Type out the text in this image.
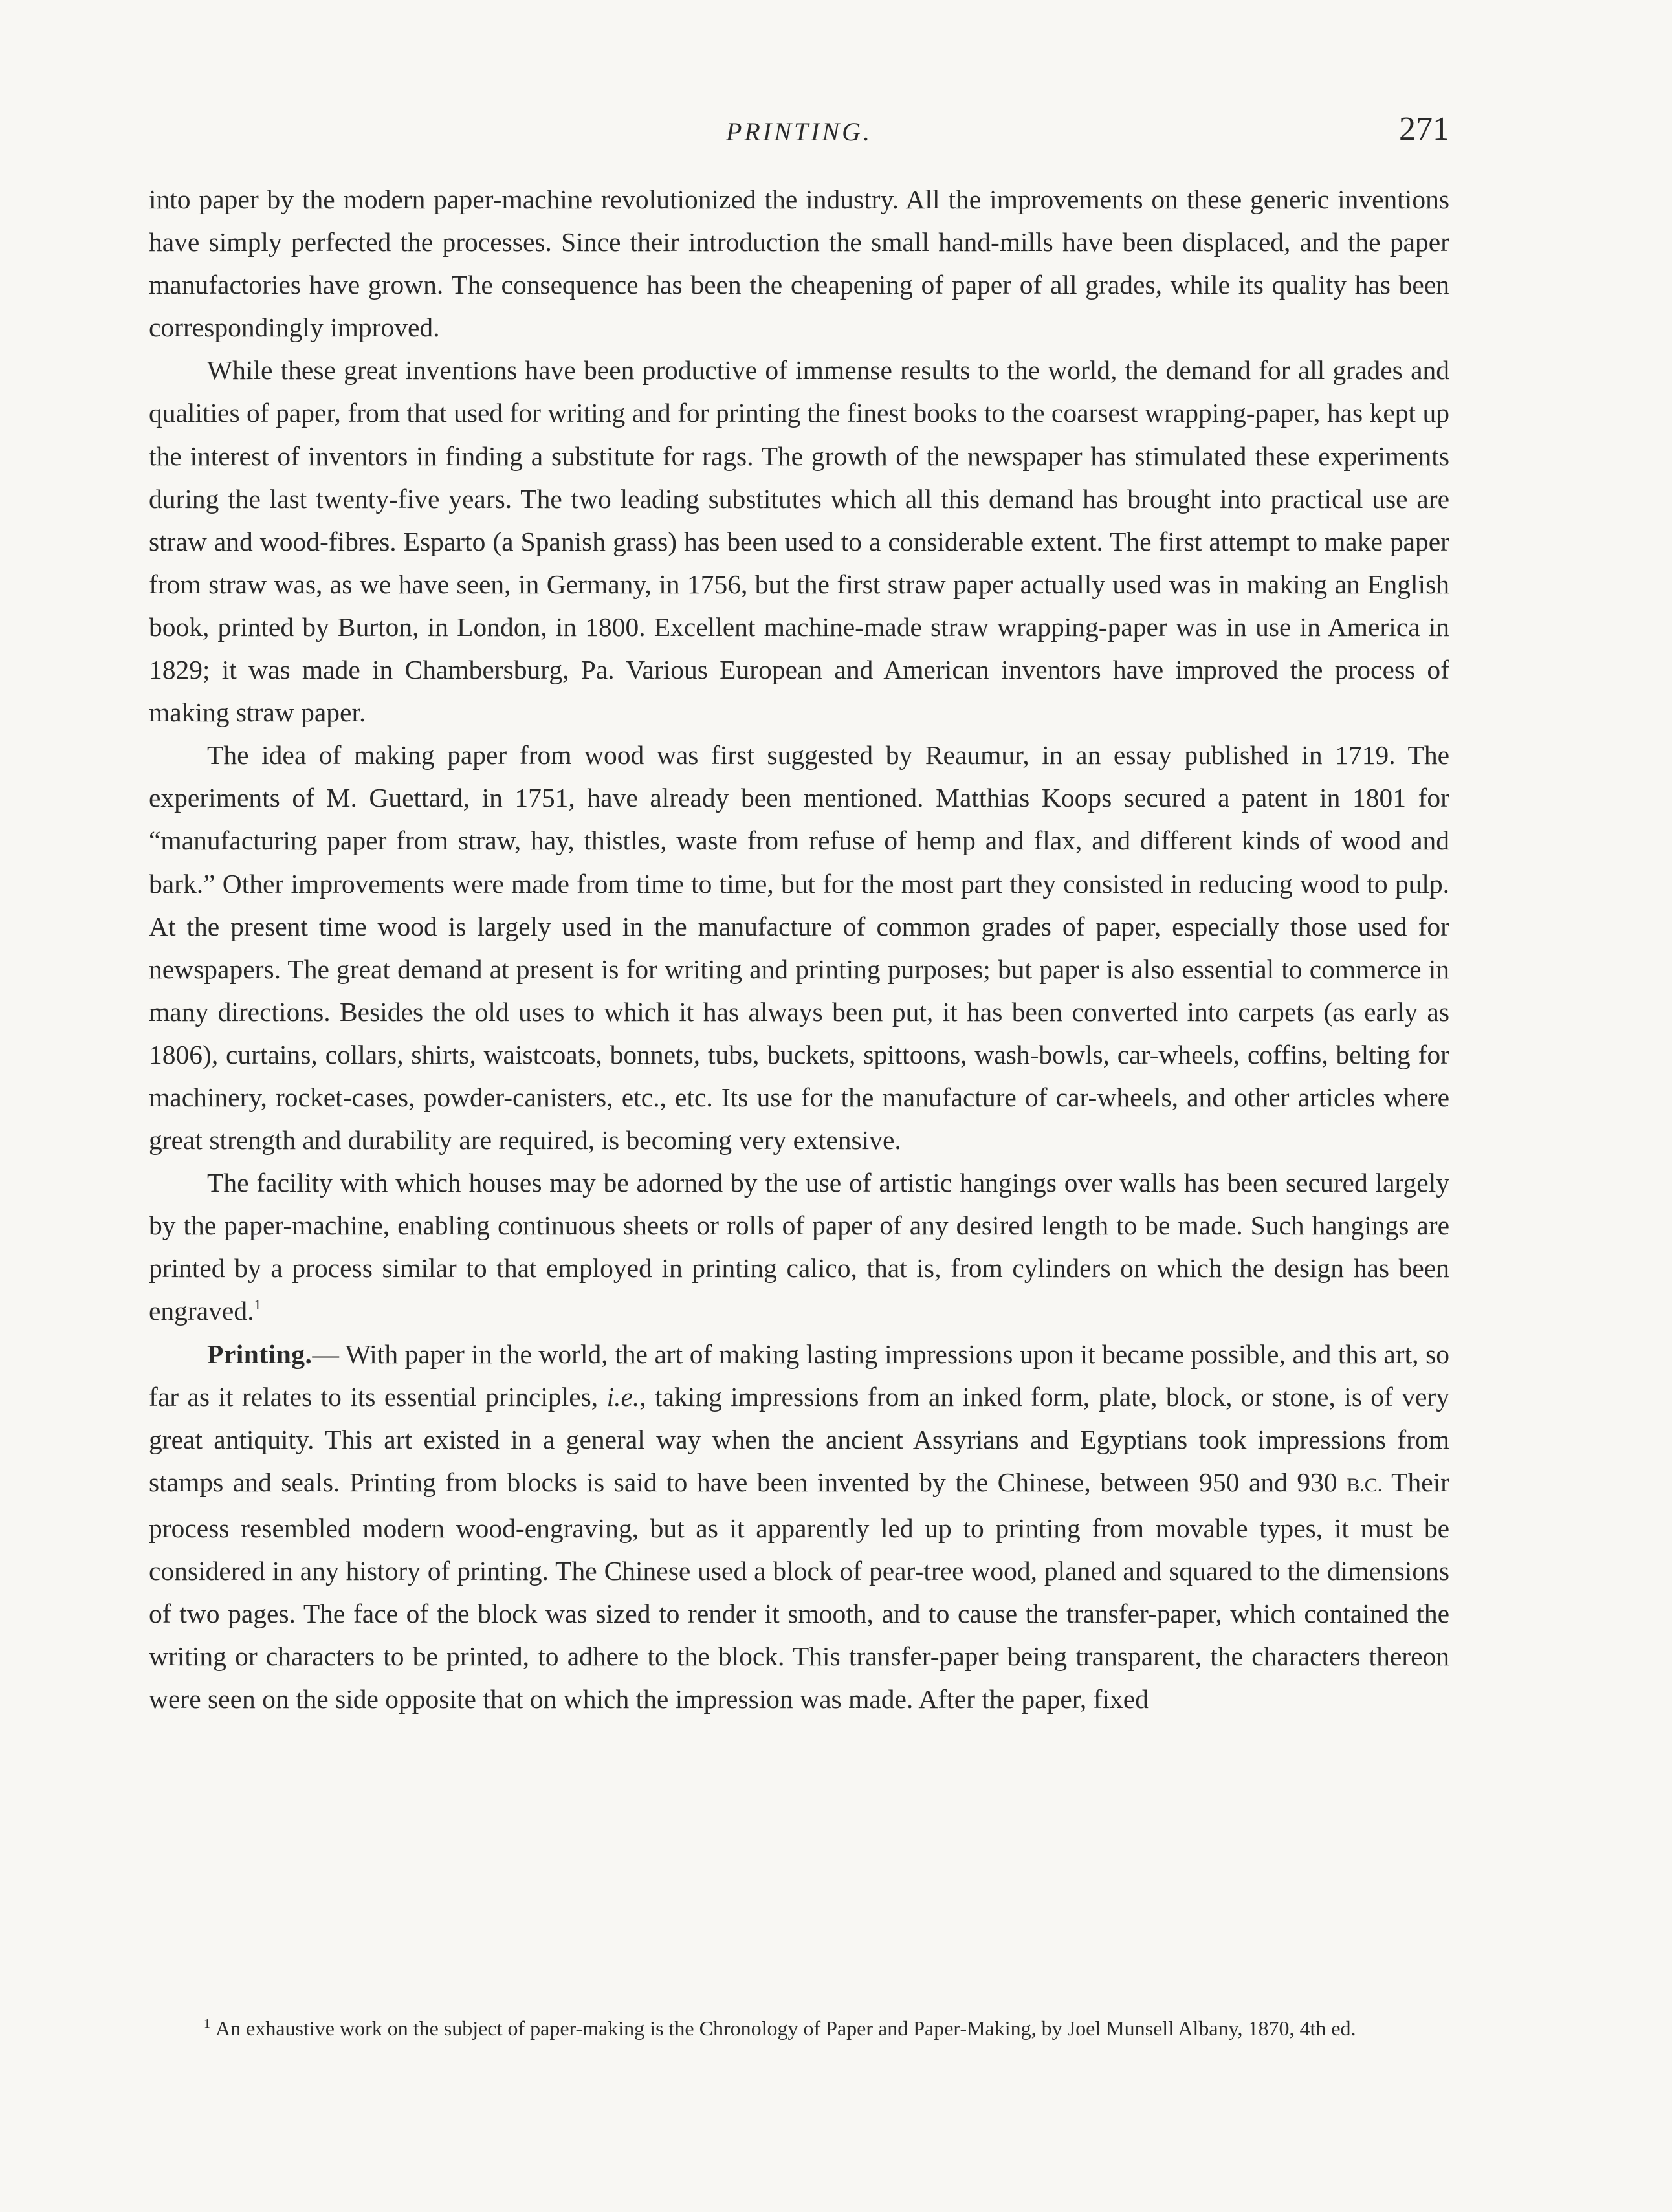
PRINTING.	271

into paper by the modern paper-machine revolutionized the industry. All the improvements on these generic inventions have simply perfected the processes. Since their introduction the small hand-mills have been displaced, and the paper manufactories have grown. The consequence has been the cheapening of paper of all grades, while its quality has been correspondingly improved.

While these great inventions have been productive of immense results to the world, the demand for all grades and qualities of paper, from that used for writing and for printing the finest books to the coarsest wrapping-paper, has kept up the interest of inventors in finding a substitute for rags. The growth of the newspaper has stimulated these experiments during the last twenty-five years. The two leading substitutes which all this demand has brought into practical use are straw and wood-fibres. Esparto (a Spanish grass) has been used to a considerable extent. The first attempt to make paper from straw was, as we have seen, in Germany, in 1756, but the first straw paper actually used was in making an English book, printed by Burton, in London, in 1800. Excellent machine-made straw wrapping-paper was in use in America in 1829; it was made in Chambersburg, Pa. Various European and American inventors have improved the process of making straw paper.

The idea of making paper from wood was first suggested by Reaumur, in an essay published in 1719. The experiments of M. Guettard, in 1751, have already been mentioned. Matthias Koops secured a patent in 1801 for “manufacturing paper from straw, hay, thistles, waste from refuse of hemp and flax, and different kinds of wood and bark.” Other improvements were made from time to time, but for the most part they consisted in reducing wood to pulp. At the present time wood is largely used in the manufacture of common grades of paper, especially those used for newspapers. The great demand at present is for writing and printing purposes; but paper is also essential to commerce in many directions. Besides the old uses to which it has always been put, it has been converted into carpets (as early as 1806), curtains, collars, shirts, waistcoats, bonnets, tubs, buckets, spittoons, wash-bowls, car-wheels, coffins, belting for machinery, rocket-cases, powder-canisters, etc., etc. Its use for the manufacture of car-wheels, and other articles where great strength and durability are required, is becoming very extensive.

The facility with which houses may be adorned by the use of artistic hangings over walls has been secured largely by the paper-machine, enabling continuous sheets or rolls of paper of any desired length to be made. Such hangings are printed by a process similar to that employed in printing calico, that is, from cylinders on which the design has been engraved.$^1$

Printing.— With paper in the world, the art of making lasting impressions upon it became possible, and this art, so far as it relates to its essential principles, i.e., taking impressions from an inked form, plate, block, or stone, is of very great antiquity. This art existed in a general way when the ancient Assyrians and Egyptians took impressions from stamps and seals. Printing from blocks is said to have been invented by the Chinese, between 950 and 930 B.C. Their process resembled modern wood-engraving, but as it apparently led up to printing from movable types, it must be considered in any history of printing. The Chinese used a block of pear-tree wood, planed and squared to the dimensions of two pages. The face of the block was sized to render it smooth, and to cause the transfer-paper, which contained the writing or characters to be printed, to adhere to the block. This transfer-paper being transparent, the characters thereon were seen on the side opposite that on which the impression was made. After the paper, fixed

$^1$ An exhaustive work on the subject of paper-making is the Chronology of Paper and Paper-Making, by Joel Munsell Albany, 1870, 4th ed.
